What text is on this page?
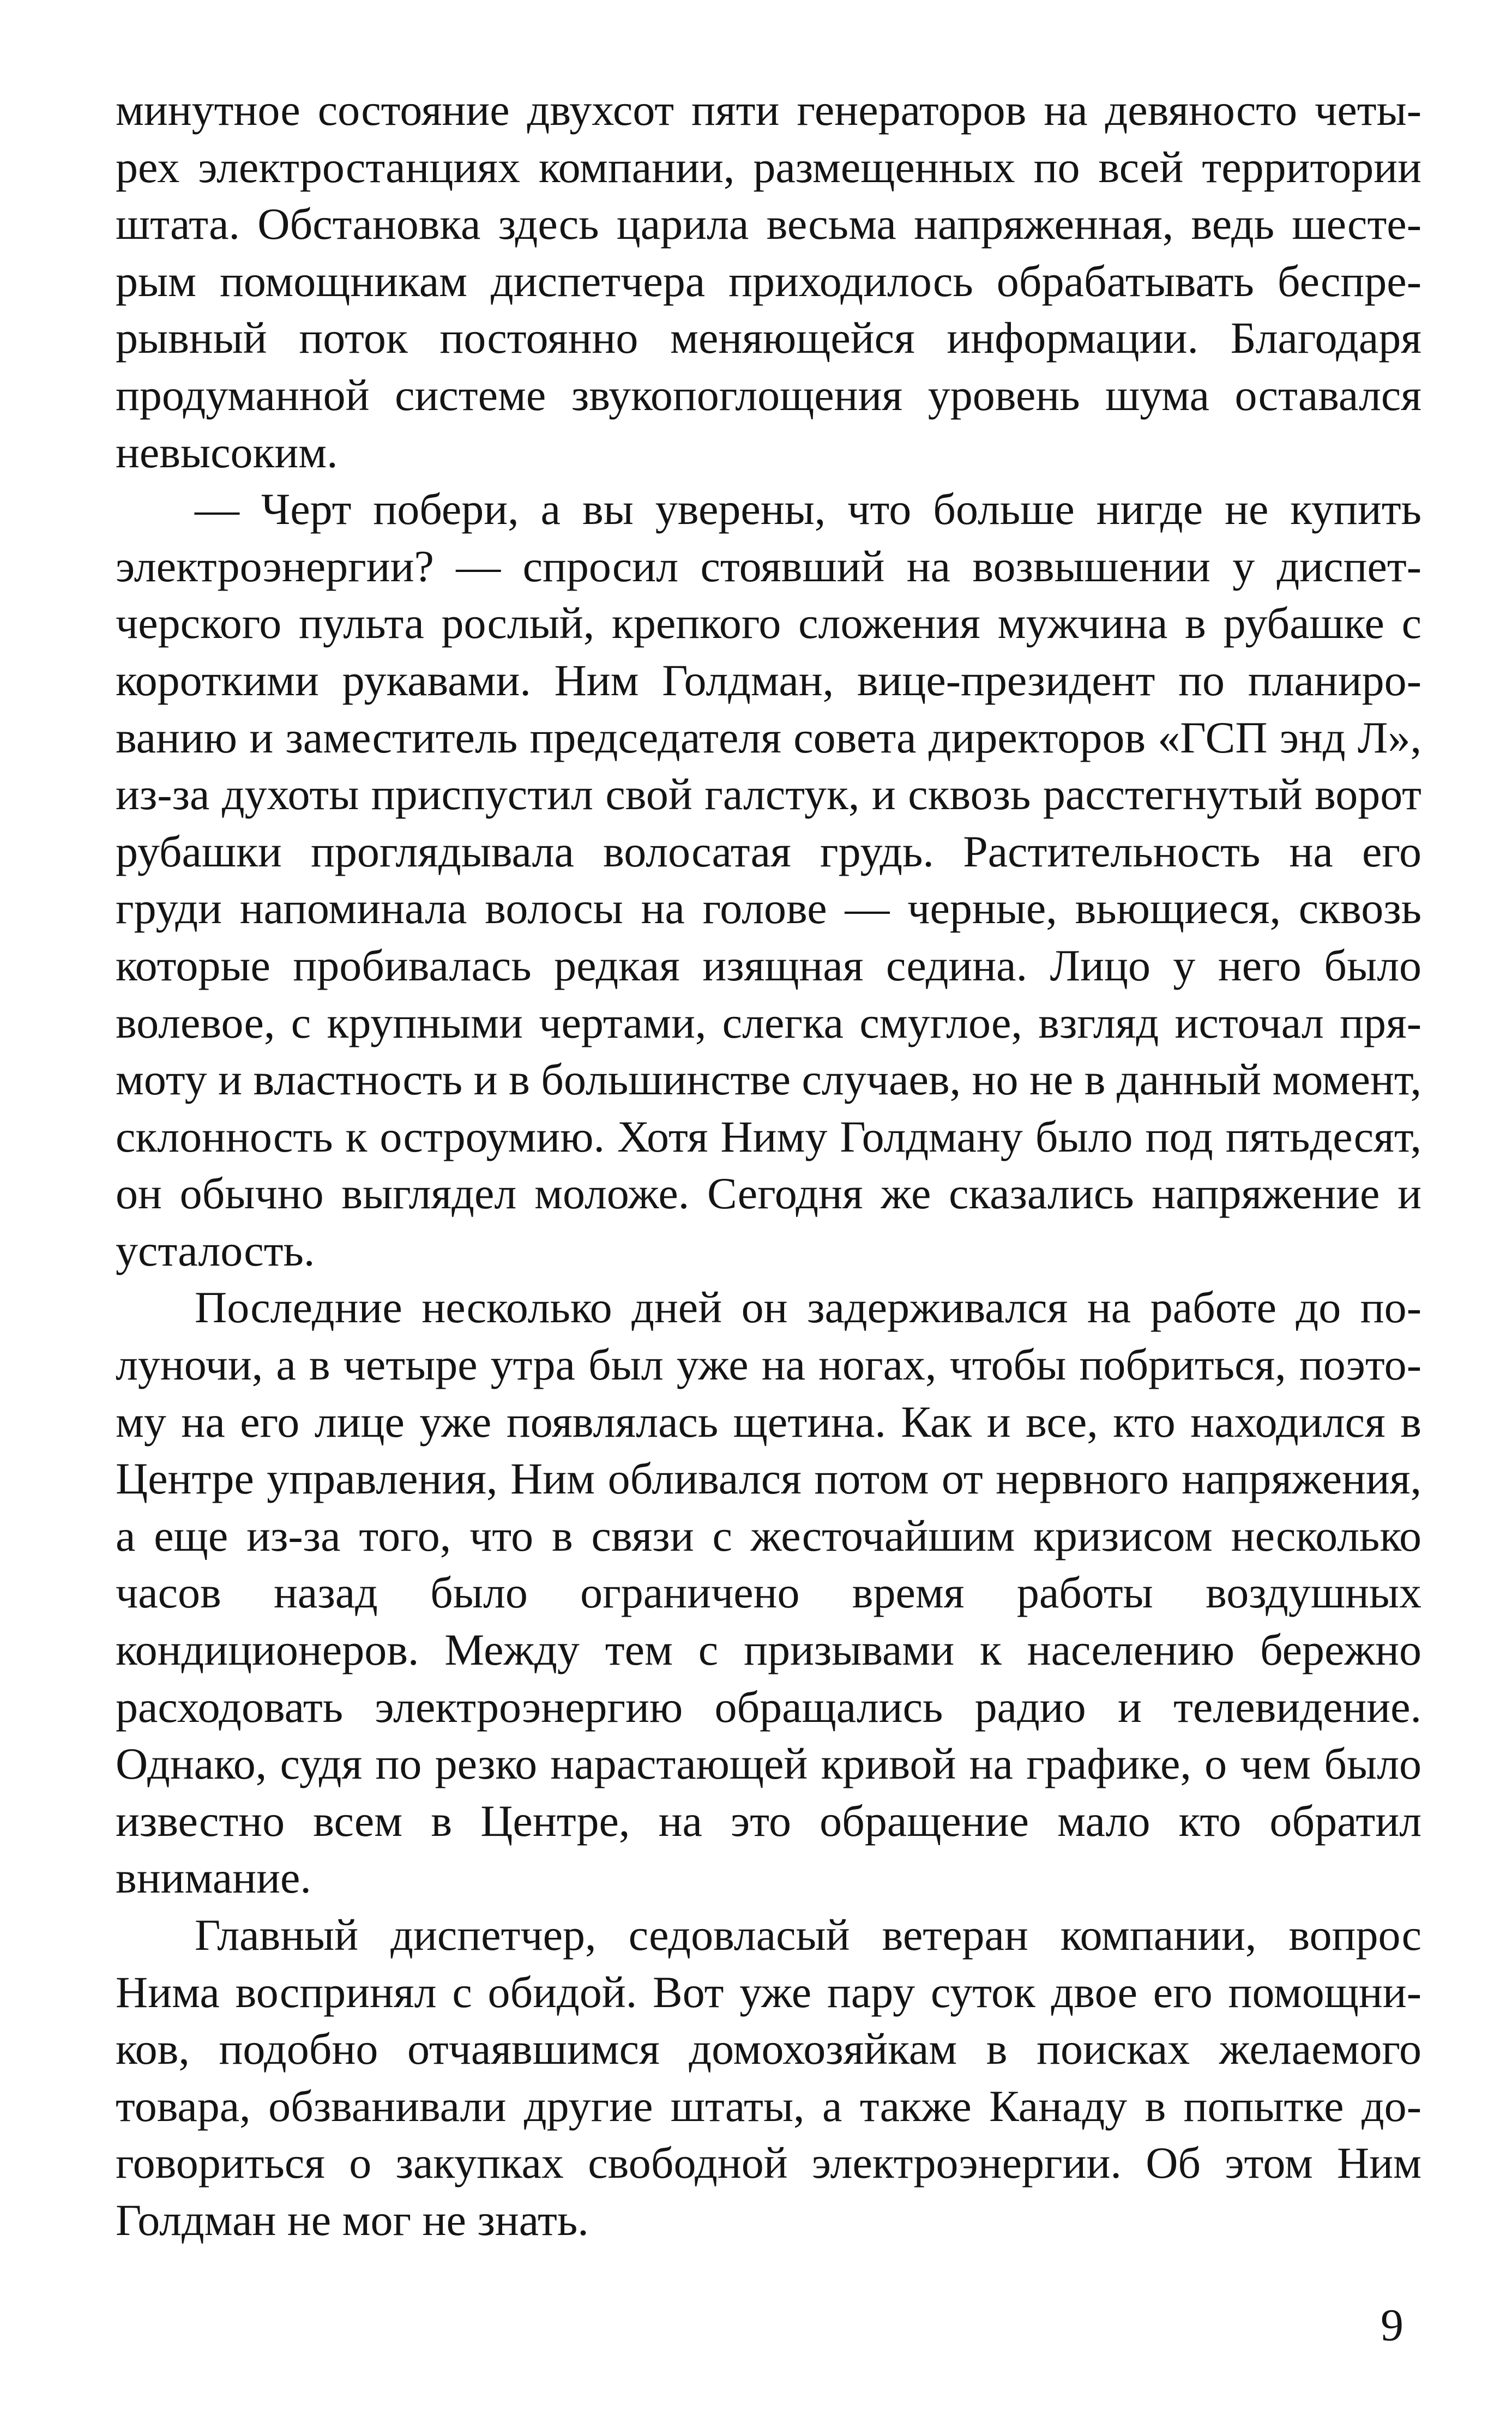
минутное состояние двухсот пяти генераторов на девяносто четырех электростанциях компании, размещенных по всей территории штата. Обстановка здесь царила весьма напряженная, ведь шестерым помощникам диспетчера приходилось обрабатывать беспрерывный поток постоянно меняющейся информации. Благодаря продуманной системе звукопоглощения уровень шума оставался невысоким.

— Черт побери, а вы уверены, что больше нигде не купить электроэнергии? — спросил стоявший на возвышении у диспетчерского пульта рослый, крепкого сложения мужчина в рубашке с короткими рукавами. Ним Голдман, вице-президент по планированию и заместитель председателя совета директоров «ГСП энд Л», из-за духоты приспустил свой галстук, и сквозь расстегнутый ворот рубашки проглядывала волосатая грудь. Растительность на его груди напоминала волосы на голове — черные, вьющиеся, сквозь которые пробивалась редкая изящная седина. Лицо у него было волевое, с крупными чертами, слегка смуглое, взгляд источал прямоту и властность и в большинстве случаев, но не в данный момент, склонность к остроумию. Хотя Ниму Голдману было под пятьдесят, он обычно выглядел моложе. Сегодня же сказались напряжение и усталость.

Последние несколько дней он задерживался на работе до полуночи, а в четыре утра был уже на ногах, чтобы побриться, поэтому на его лице уже появлялась щетина. Как и все, кто находился в Центре управления, Ним обливался потом от нервного напряжения, а еще из-за того, что в связи с жесточайшим кризисом несколько часов назад было ограничено время работы воздушных кондиционеров. Между тем с призывами к населению бережно расходовать электроэнергию обращались радио и телевидение. Однако, судя по резко нарастающей кривой на графике, о чем было известно всем в Центре, на это обращение мало кто обратил внимание.

Главный диспетчер, седовласый ветеран компании, вопрос Нима воспринял с обидой. Вот уже пару суток двое его помощников, подобно отчаявшимся домохозяйкам в поисках желаемого товара, обзванивали другие штаты, а также Канаду в попытке договориться о закупках свободной электроэнергии. Об этом Ним Голдман не мог не знать.

9
